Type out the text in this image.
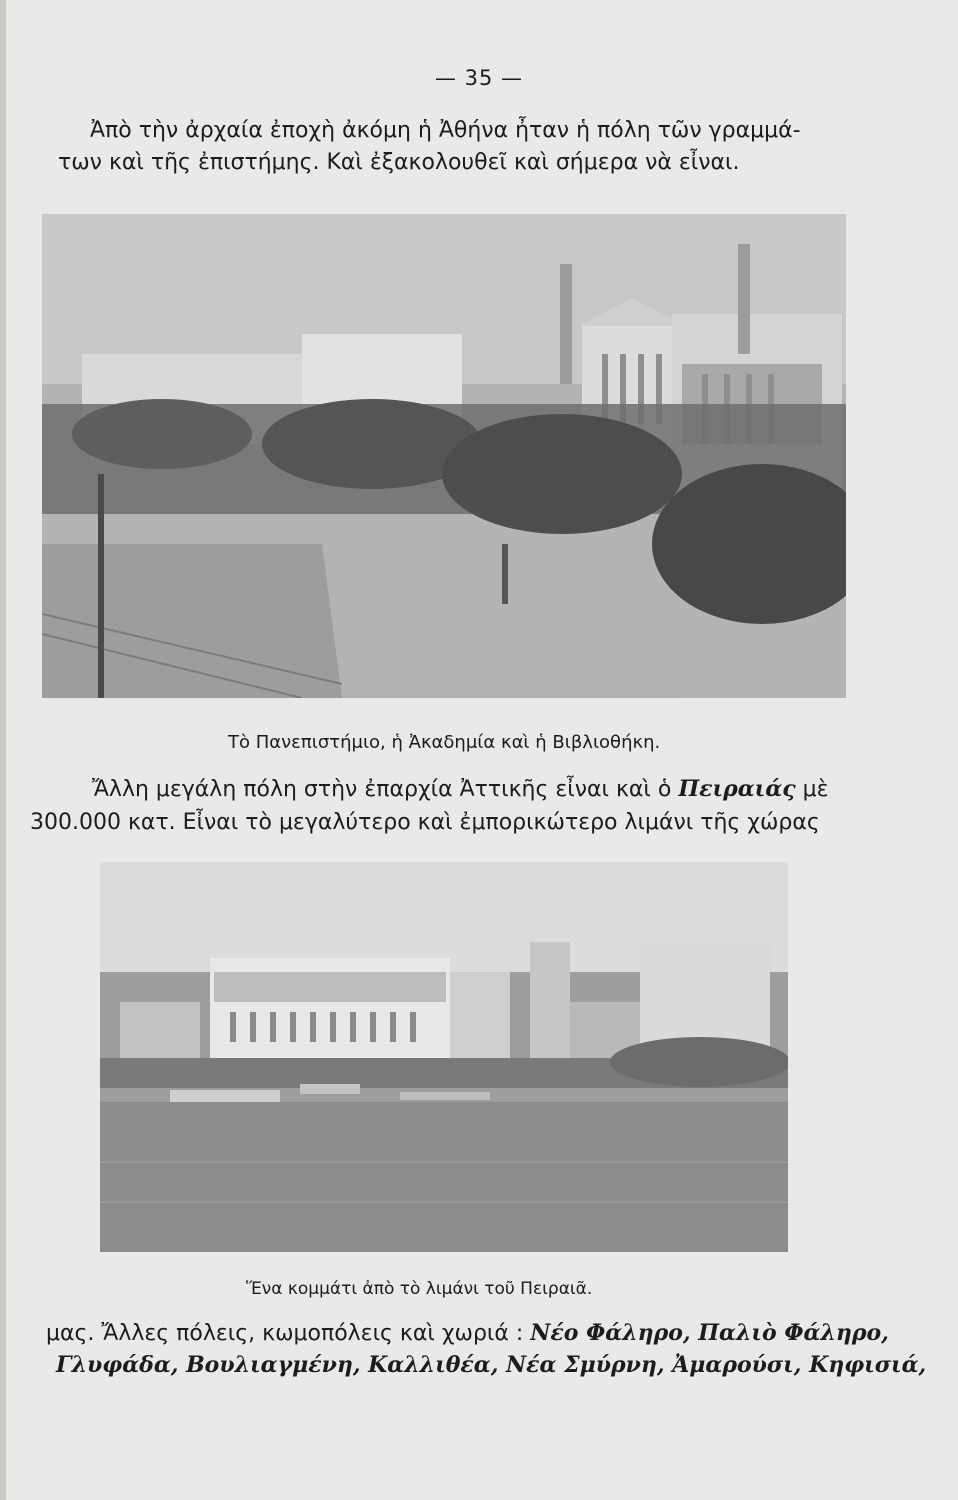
— 35 —
Ἀπὸ τὴν ἀρχαία ἐποχὴ ἀκόμη ἡ Ἀθήνα ἦταν ἡ πόλη τῶν γραμμά-
των καὶ τῆς ἐπιστήμης. Καὶ ἐξακολουθεῖ καὶ σήμερα νὰ εἶναι.
Τὸ Πανεπιστήμιο, ἡ Ἀκαδημία καὶ ἡ Βιβλιοθήκη.
Ἄλλη μεγάλη πόλη στὴν ἐπαρχία Ἀττικῆς εἶναι καὶ ὁ Πειραιάς μὲ
300.000 κατ. Εἶναι τὸ μεγαλύτερο καὶ ἐμπορικώτερο λιμάνι τῆς χώρας
Ἕνα κομμάτι ἀπὸ τὸ λιμάνι τοῦ Πειραιᾶ.
μας. Ἄλλες πόλεις, κωμοπόλεις καὶ χωριά : Νέο Φάληρο, Παλιὸ Φάληρο,
Γλυφάδα, Βουλιαγμένη, Καλλιθέα, Νέα Σμύρνη, Ἀμαρούσι, Κηφισιά,
